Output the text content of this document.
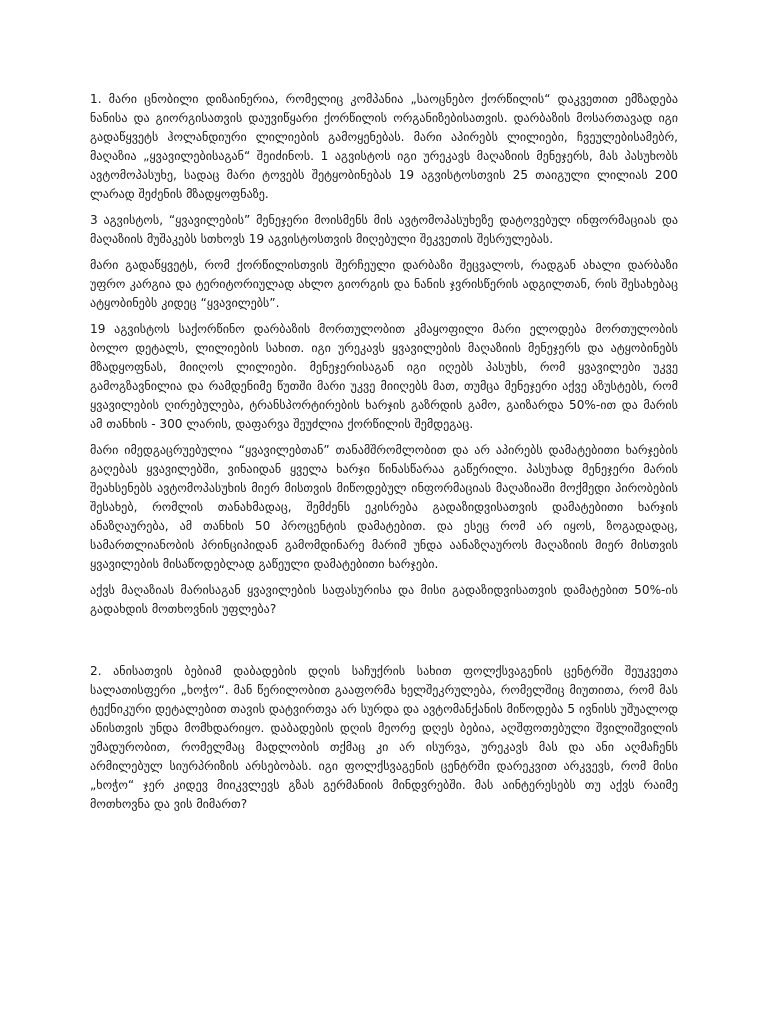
1. მარი ცნობილი დიზაინერია, რომელიც კომპანია „საოცნებო ქორწილის“ დაკვეთით ემზადება ნანისა და გიორგისათვის დაუვიწყარი ქორწილის ორგანიზებისათვის. დარბაზის მოსართავად იგი გადაწყვეტს ჰოლანდიური ლილიების გამოყენებას. მარი აპირებს ლილიები, ჩვეულებისამებრ, მაღაზია „ყვავილებისაგან“ შეიძინოს. 1 აგვისტოს იგი ურეკავს მაღაზიის მენეჯერს, მას პასუხობს ავტომოპასუხე, სადაც მარი ტოვებს შეტყობინებას 19 აგვისტოსთვის 25 თაიგული ლილიას 200 ლარად შეძენის მზადყოფნაზე.

3 აგვისტოს, “ყვავილების” მენეჯერი მოისმენს მის ავტომოპასუხეზე დატოვებულ ინფორმაციას და მაღაზიის მუშაკებს სთხოვს 19 აგვისტოსთვის მიღებული შეკვეთის შესრულებას.

მარი გადაწყვეტს, რომ ქორწილისთვის შერჩეული დარბაზი შეცვალოს, რადგან ახალი დარბაზი უფრო კარგია და ტერიტორიულად ახლო გიორგის და ნანის ჯვრისწერის ადგილთან, რის შესახებაც ატყობინებს კიდეც “ყვავილებს”.

19 აგვისტოს საქორწინო დარბაზის მორთულობით კმაყოფილი მარი ელოდება მორთულობის ბოლო დეტალს, ლილიების სახით. იგი ურეკავს ყვავილების მაღაზიის მენეჯერს და ატყობინებს მზადყოფნას, მიიღოს ლილიები. მენეჯერისაგან იგი იღებს პასუხს, რომ ყვავილები უკვე გამოგზავნილია და რამდენიმე წუთში მარი უკვე მიიღებს მათ, თუმცა მენეჯერი აქვე აზუსტებს, რომ ყვავილების ღირებულება, ტრანსპორტირების ხარჯის გაზრდის გამო, გაიზარდა 50%-ით და მარის ამ თანხის - 300 ლარის, დაფარვა შეუძლია ქორწილის შემდეგაც.

მარი იმედგაცრუებულია “ყვავილებთან” თანამშრომლობით და არ აპირებს დამატებითი ხარჯების გაღებას ყვავილებში, ვინაიდან ყველა ხარჯი წინასწარაა გაწერილი. პასუხად მენეჯერი მარის შეახსენებს ავტომოპასუხის მიერ მისთვის მიწოდებულ ინფორმაციას მაღაზიაში მოქმედი პირობების შესახებ, რომლის თანახმადაც, შემძენს ეკისრება გადაზიდვისათვის დამატებითი ხარჯის ანაზღაურება, ამ თანხის 50 პროცენტის დამატებით. და ესეც რომ არ იყოს, ზოგადადაც, სამართლიანობის პრინციპიდან გამომდინარე მარიმ უნდა აანაზღაუროს მაღაზიის მიერ მისთვის ყვავილების მისაწოდებლად გაწეული დამატებითი ხარჯები.

აქვს მაღაზიას მარისაგან ყვავილების საფასურისა და მისი გადაზიდვისათვის დამატებით 50%-ის გადახდის მოთხოვნის უფლება?

2. ანისათვის ბებიამ დაბადების დღის საჩუქრის სახით ფოლქსვაგენის ცენტრში შეუკვეთა სალათისფერი „ხოჭო“. მან წერილობით გააფორმა ხელშეკრულება, რომელშიც მიუთითა, რომ მას ტექნიკური დეტალებით თავის დატვირთვა არ სურდა და ავტომანქანის მიწოდება 5 ივნისს უშუალოდ ანისთვის უნდა მომხდარიყო. დაბადების დღის მეორე დღეს ბებია, აღშფოთებული შვილიშვილის უმადურობით, რომელმაც მადლობის თქმაც კი არ ისურვა, ურეკავს მას და ანი აღმაჩენს არმილებულ სიურპრიზის არსებობას. იგი ფოლქსვაგენის ცენტრში დარეკვით არკვევს, რომ მისი „ხოჭო“ ჯერ კიდევ მიიკვლევს გზას გერმანიის მინდვრებში. მას აინტერესებს თუ აქვს რაიმე მოთხოვნა და ვის მიმართ?
